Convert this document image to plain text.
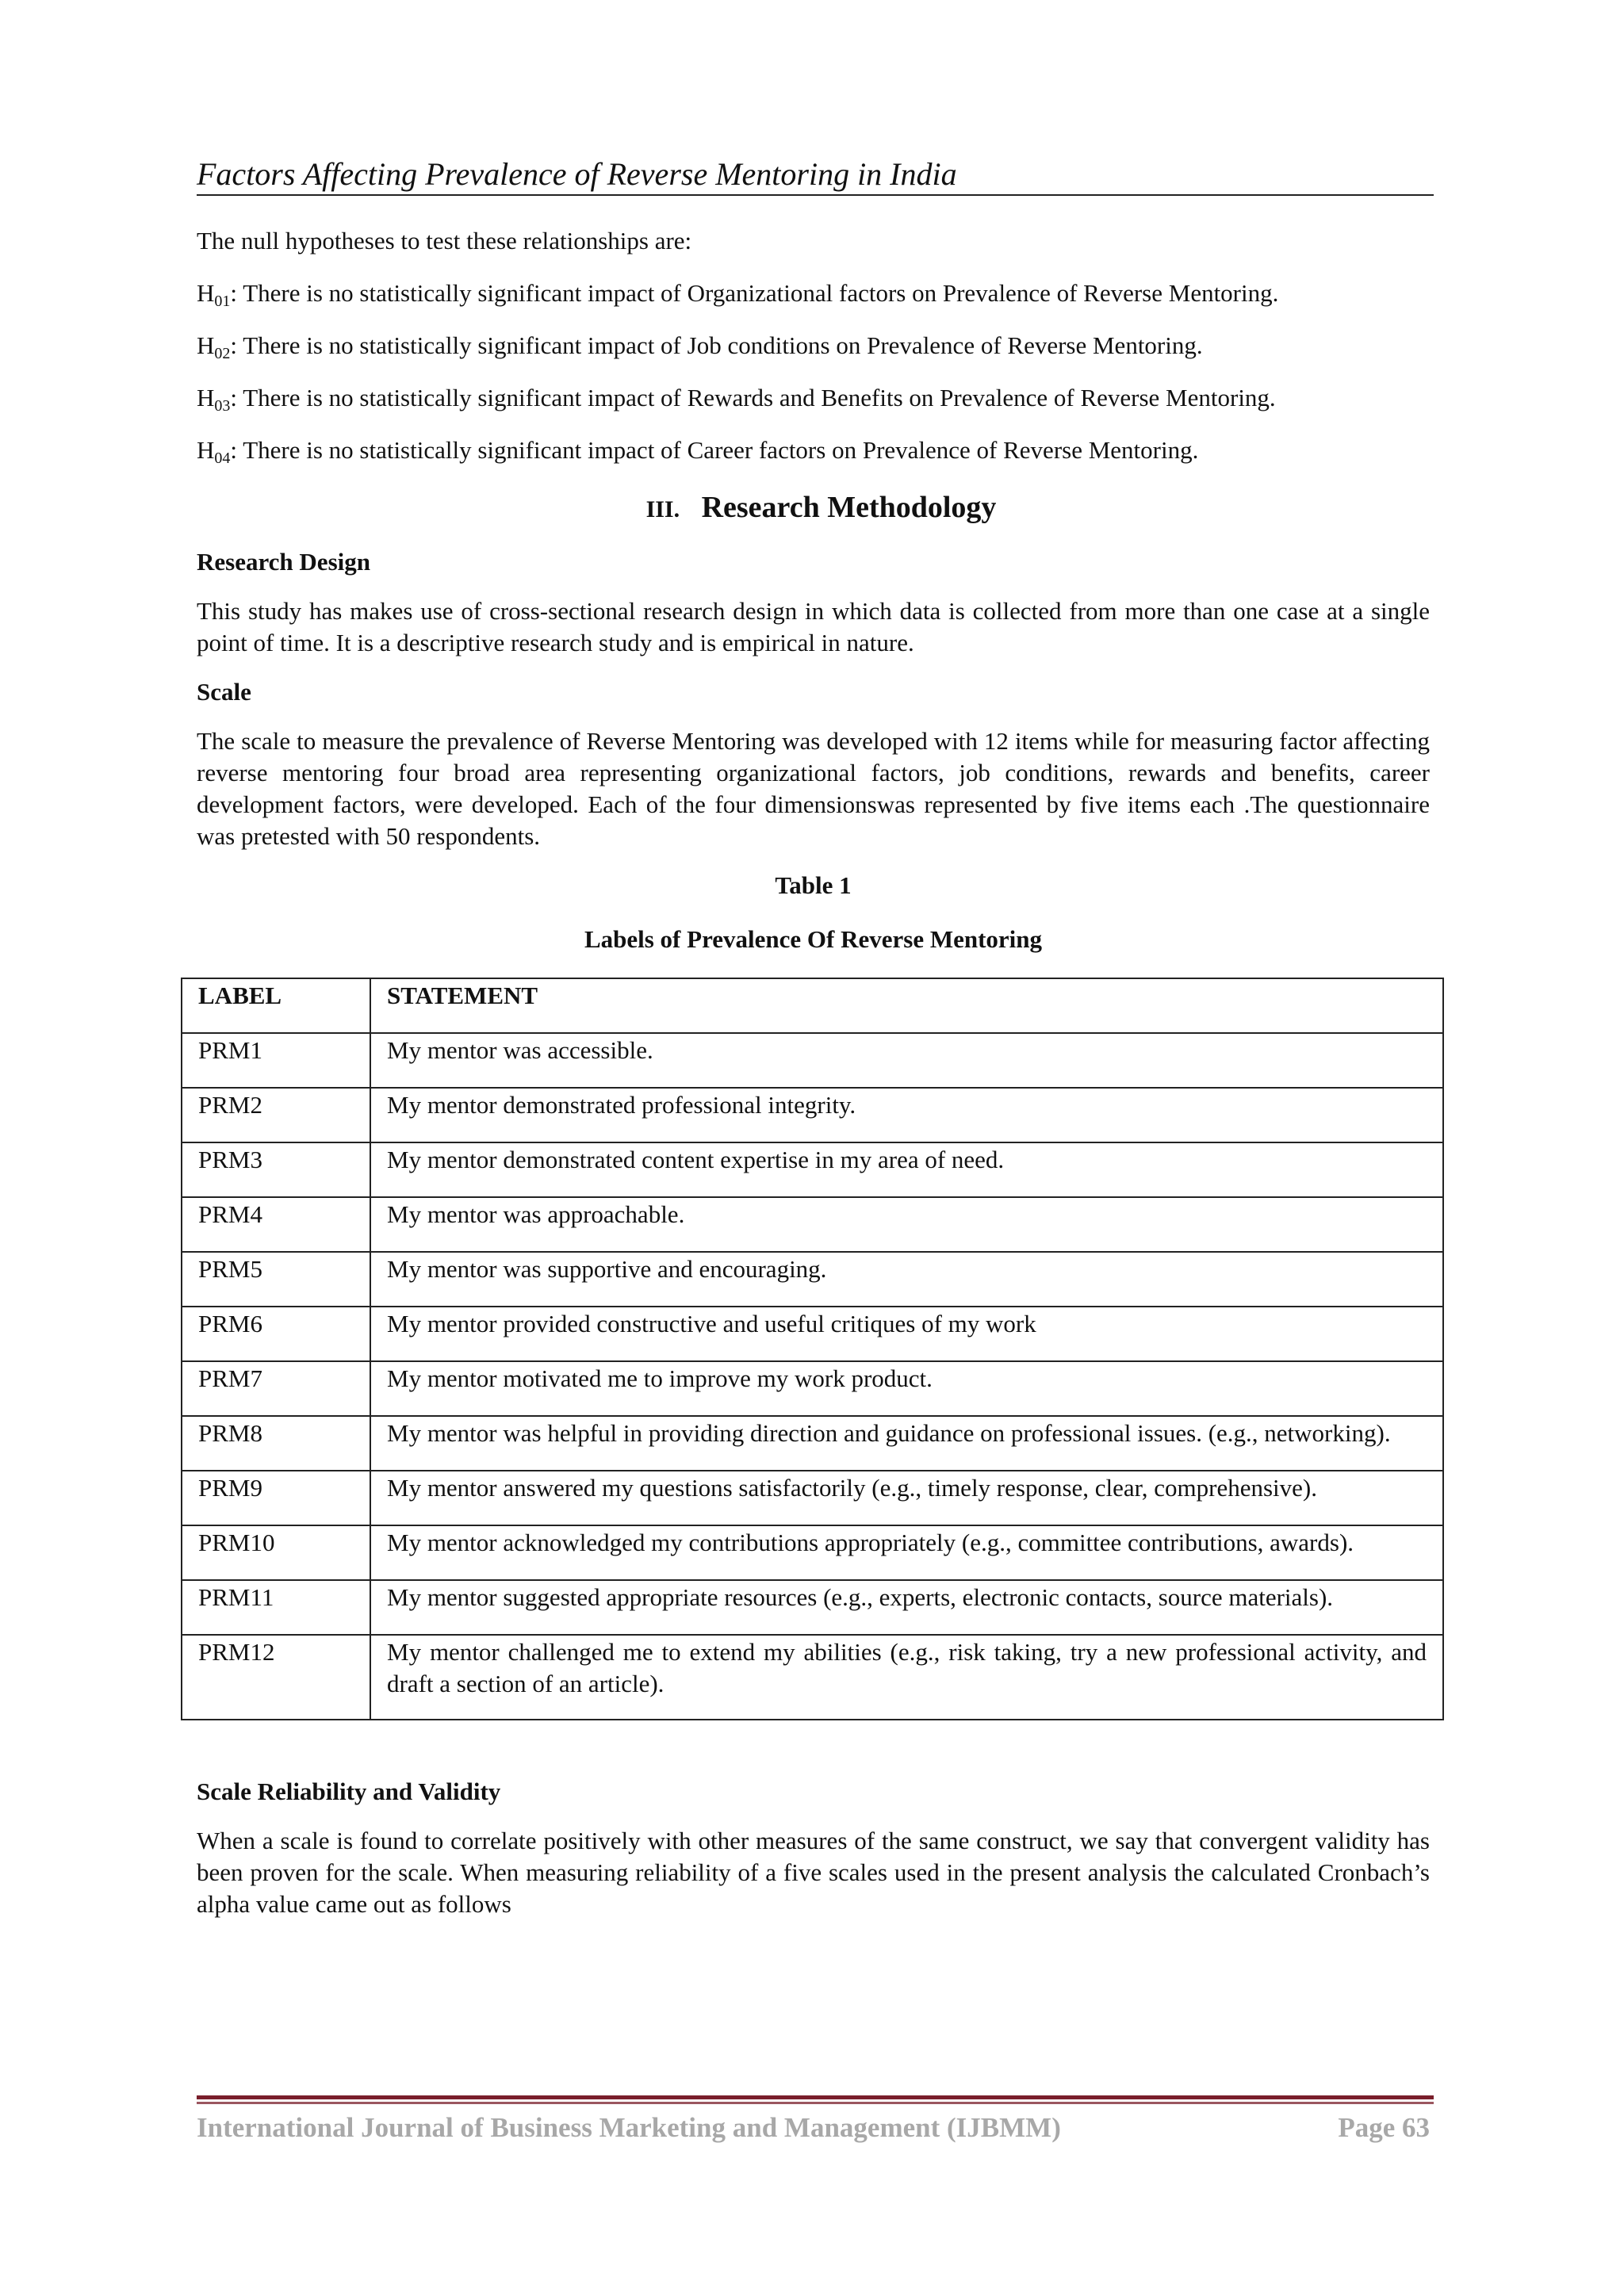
Factors Affecting Prevalence of Reverse Mentoring in India

The null hypotheses to test these relationships are:

$H_{01}$: There is no statistically significant impact of Organizational factors on Prevalence of Reverse Mentoring.

$H_{02}$: There is no statistically significant impact of Job conditions on Prevalence of Reverse Mentoring.

$H_{03}$: There is no statistically significant impact of Rewards and Benefits on Prevalence of Reverse Mentoring.

$H_{04}$: There is no statistically significant impact of Career factors on Prevalence of Reverse Mentoring.

III. Research Methodology

Research Design

This study has makes use of cross-sectional research design in which data is collected from more than one case at a single point of time. It is a descriptive research study and is empirical in nature.

Scale

The scale to measure the prevalence of Reverse Mentoring was developed with 12 items while for measuring factor affecting reverse mentoring four broad area representing organizational factors, job conditions, rewards and benefits, career development factors, were developed. Each of the four dimensionswas represented by five items each .The questionnaire was pretested with 50 respondents.

Table 1

Labels of Prevalence Of Reverse Mentoring

LABEL	STATEMENT
PRM1	My mentor was accessible.
PRM2	My mentor demonstrated professional integrity.
PRM3	My mentor demonstrated content expertise in my area of need.
PRM4	My mentor was approachable.
PRM5	My mentor was supportive and encouraging.
PRM6	My mentor provided constructive and useful critiques of my work
PRM7	My mentor motivated me to improve my work product.
PRM8	My mentor was helpful in providing direction and guidance on professional issues. (e.g., networking).
PRM9	My mentor answered my questions satisfactorily (e.g., timely response, clear, comprehensive).
PRM10	My mentor acknowledged my contributions appropriately (e.g., committee contributions, awards).
PRM11	My mentor suggested appropriate resources (e.g., experts, electronic contacts, source materials).
PRM12	My mentor challenged me to extend my abilities (e.g., risk taking, try a new professional activity, and draft a section of an article).

Scale Reliability and Validity

When a scale is found to correlate positively with other measures of the same construct, we say that convergent validity has been proven for the scale. When measuring reliability of a five scales used in the present analysis the calculated Cronbach’s alpha value came out as follows

International Journal of Business Marketing and Management (IJBMM)	Page 63
